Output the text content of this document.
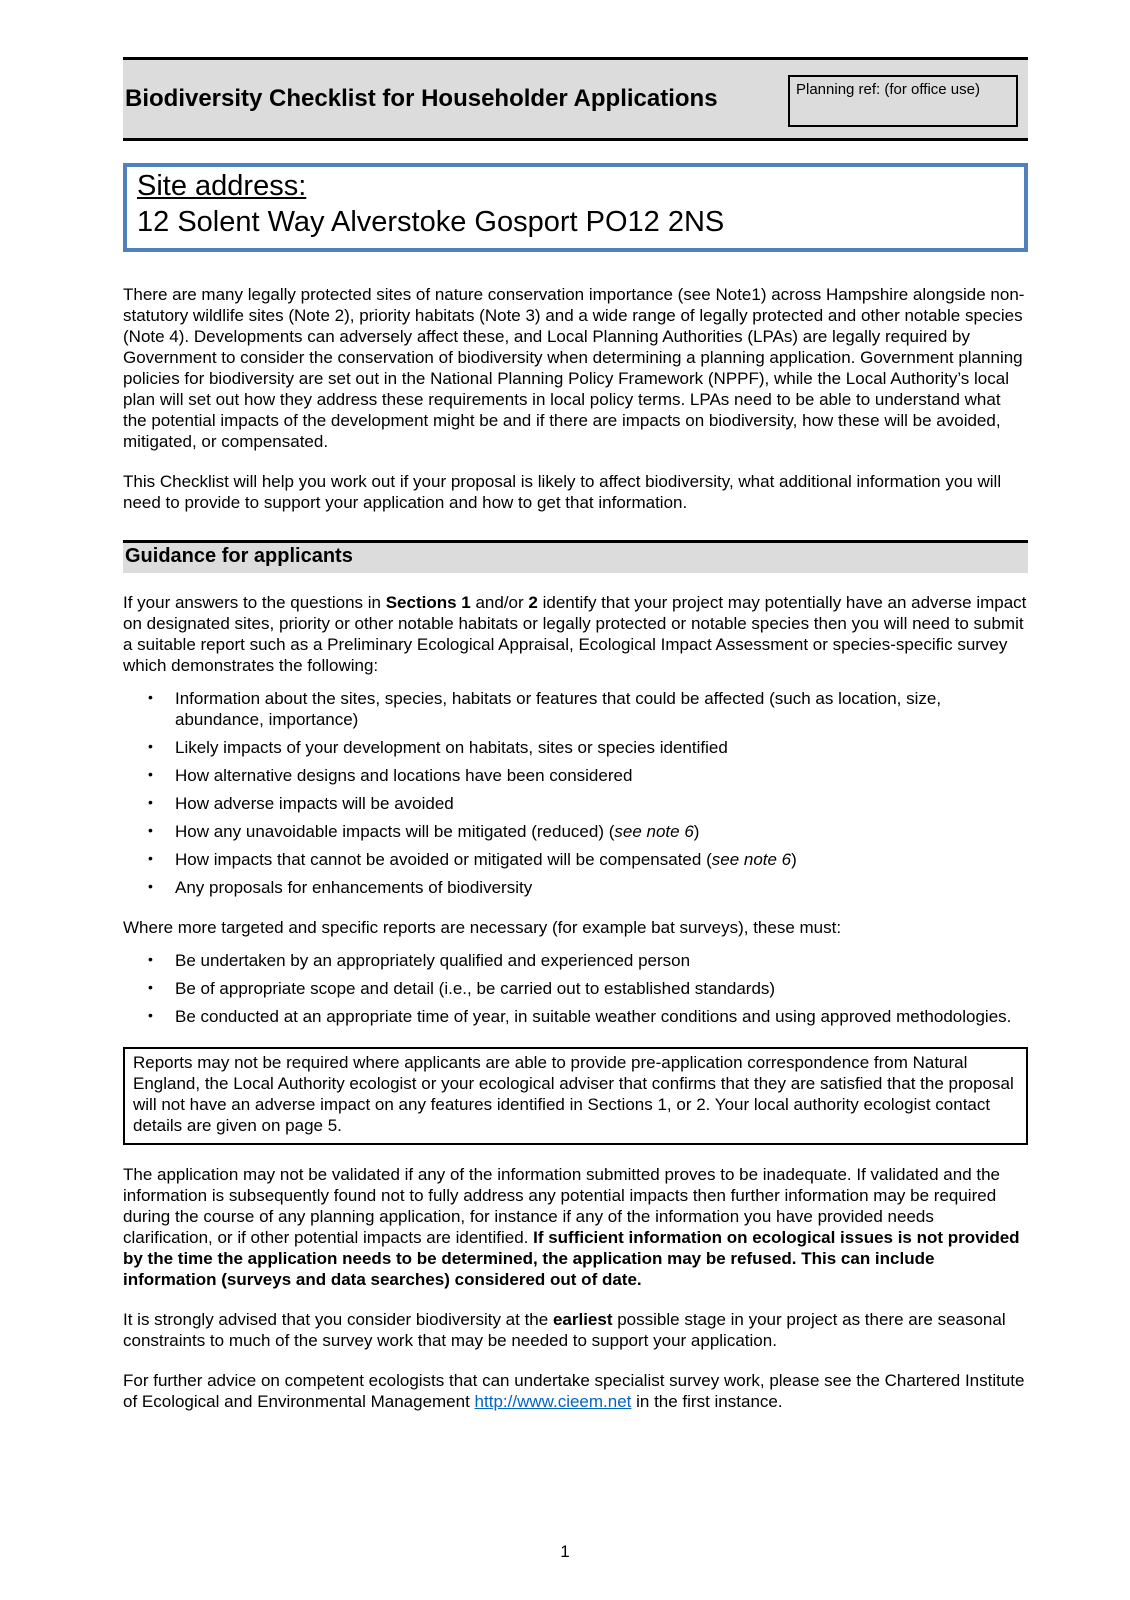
Biodiversity Checklist for Householder Applications	Planning ref: (for office use)
Site address:
12 Solent Way Alverstoke Gosport PO12 2NS

There are many legally protected sites of nature conservation importance (see Note1) across Hampshire alongside non-statutory wildlife sites (Note 2), priority habitats (Note 3) and a wide range of legally protected and other notable species (Note 4). Developments can adversely affect these, and Local Planning Authorities (LPAs) are legally required by Government to consider the conservation of biodiversity when determining a planning application. Government planning policies for biodiversity are set out in the National Planning Policy Framework (NPPF), while the Local Authority’s local plan will set out how they address these requirements in local policy terms. LPAs need to be able to understand what the potential impacts of the development might be and if there are impacts on biodiversity, how these will be avoided, mitigated, or compensated.

This Checklist will help you work out if your proposal is likely to affect biodiversity, what additional information you will need to provide to support your application and how to get that information.

Guidance for applicants

If your answers to the questions in Sections 1 and/or 2 identify that your project may potentially have an adverse impact on designated sites, priority or other notable habitats or legally protected or notable species then you will need to submit a suitable report such as a Preliminary Ecological Appraisal, Ecological Impact Assessment or species-specific survey which demonstrates the following:

• Information about the sites, species, habitats or features that could be affected (such as location, size, abundance, importance)
• Likely impacts of your development on habitats, sites or species identified
• How alternative designs and locations have been considered
• How adverse impacts will be avoided
• How any unavoidable impacts will be mitigated (reduced) (see note 6)
• How impacts that cannot be avoided or mitigated will be compensated (see note 6)
• Any proposals for enhancements of biodiversity

Where more targeted and specific reports are necessary (for example bat surveys), these must:

• Be undertaken by an appropriately qualified and experienced person
• Be of appropriate scope and detail (i.e., be carried out to established standards)
• Be conducted at an appropriate time of year, in suitable weather conditions and using approved methodologies.
Reports may not be required where applicants are able to provide pre-application correspondence from Natural England, the Local Authority ecologist or your ecological adviser that confirms that they are satisfied that the proposal will not have an adverse impact on any features identified in Sections 1, or 2. Your local authority ecologist contact details are given on page 5.

The application may not be validated if any of the information submitted proves to be inadequate. If validated and the information is subsequently found not to fully address any potential impacts then further information may be required during the course of any planning application, for instance if any of the information you have provided needs clarification, or if other potential impacts are identified. If sufficient information on ecological issues is not provided by the time the application needs to be determined, the application may be refused. This can include information (surveys and data searches) considered out of date.

It is strongly advised that you consider biodiversity at the earliest possible stage in your project as there are seasonal constraints to much of the survey work that may be needed to support your application.

For further advice on competent ecologists that can undertake specialist survey work, please see the Chartered Institute of Ecological and Environmental Management http://www.cieem.net in the first instance.

1
